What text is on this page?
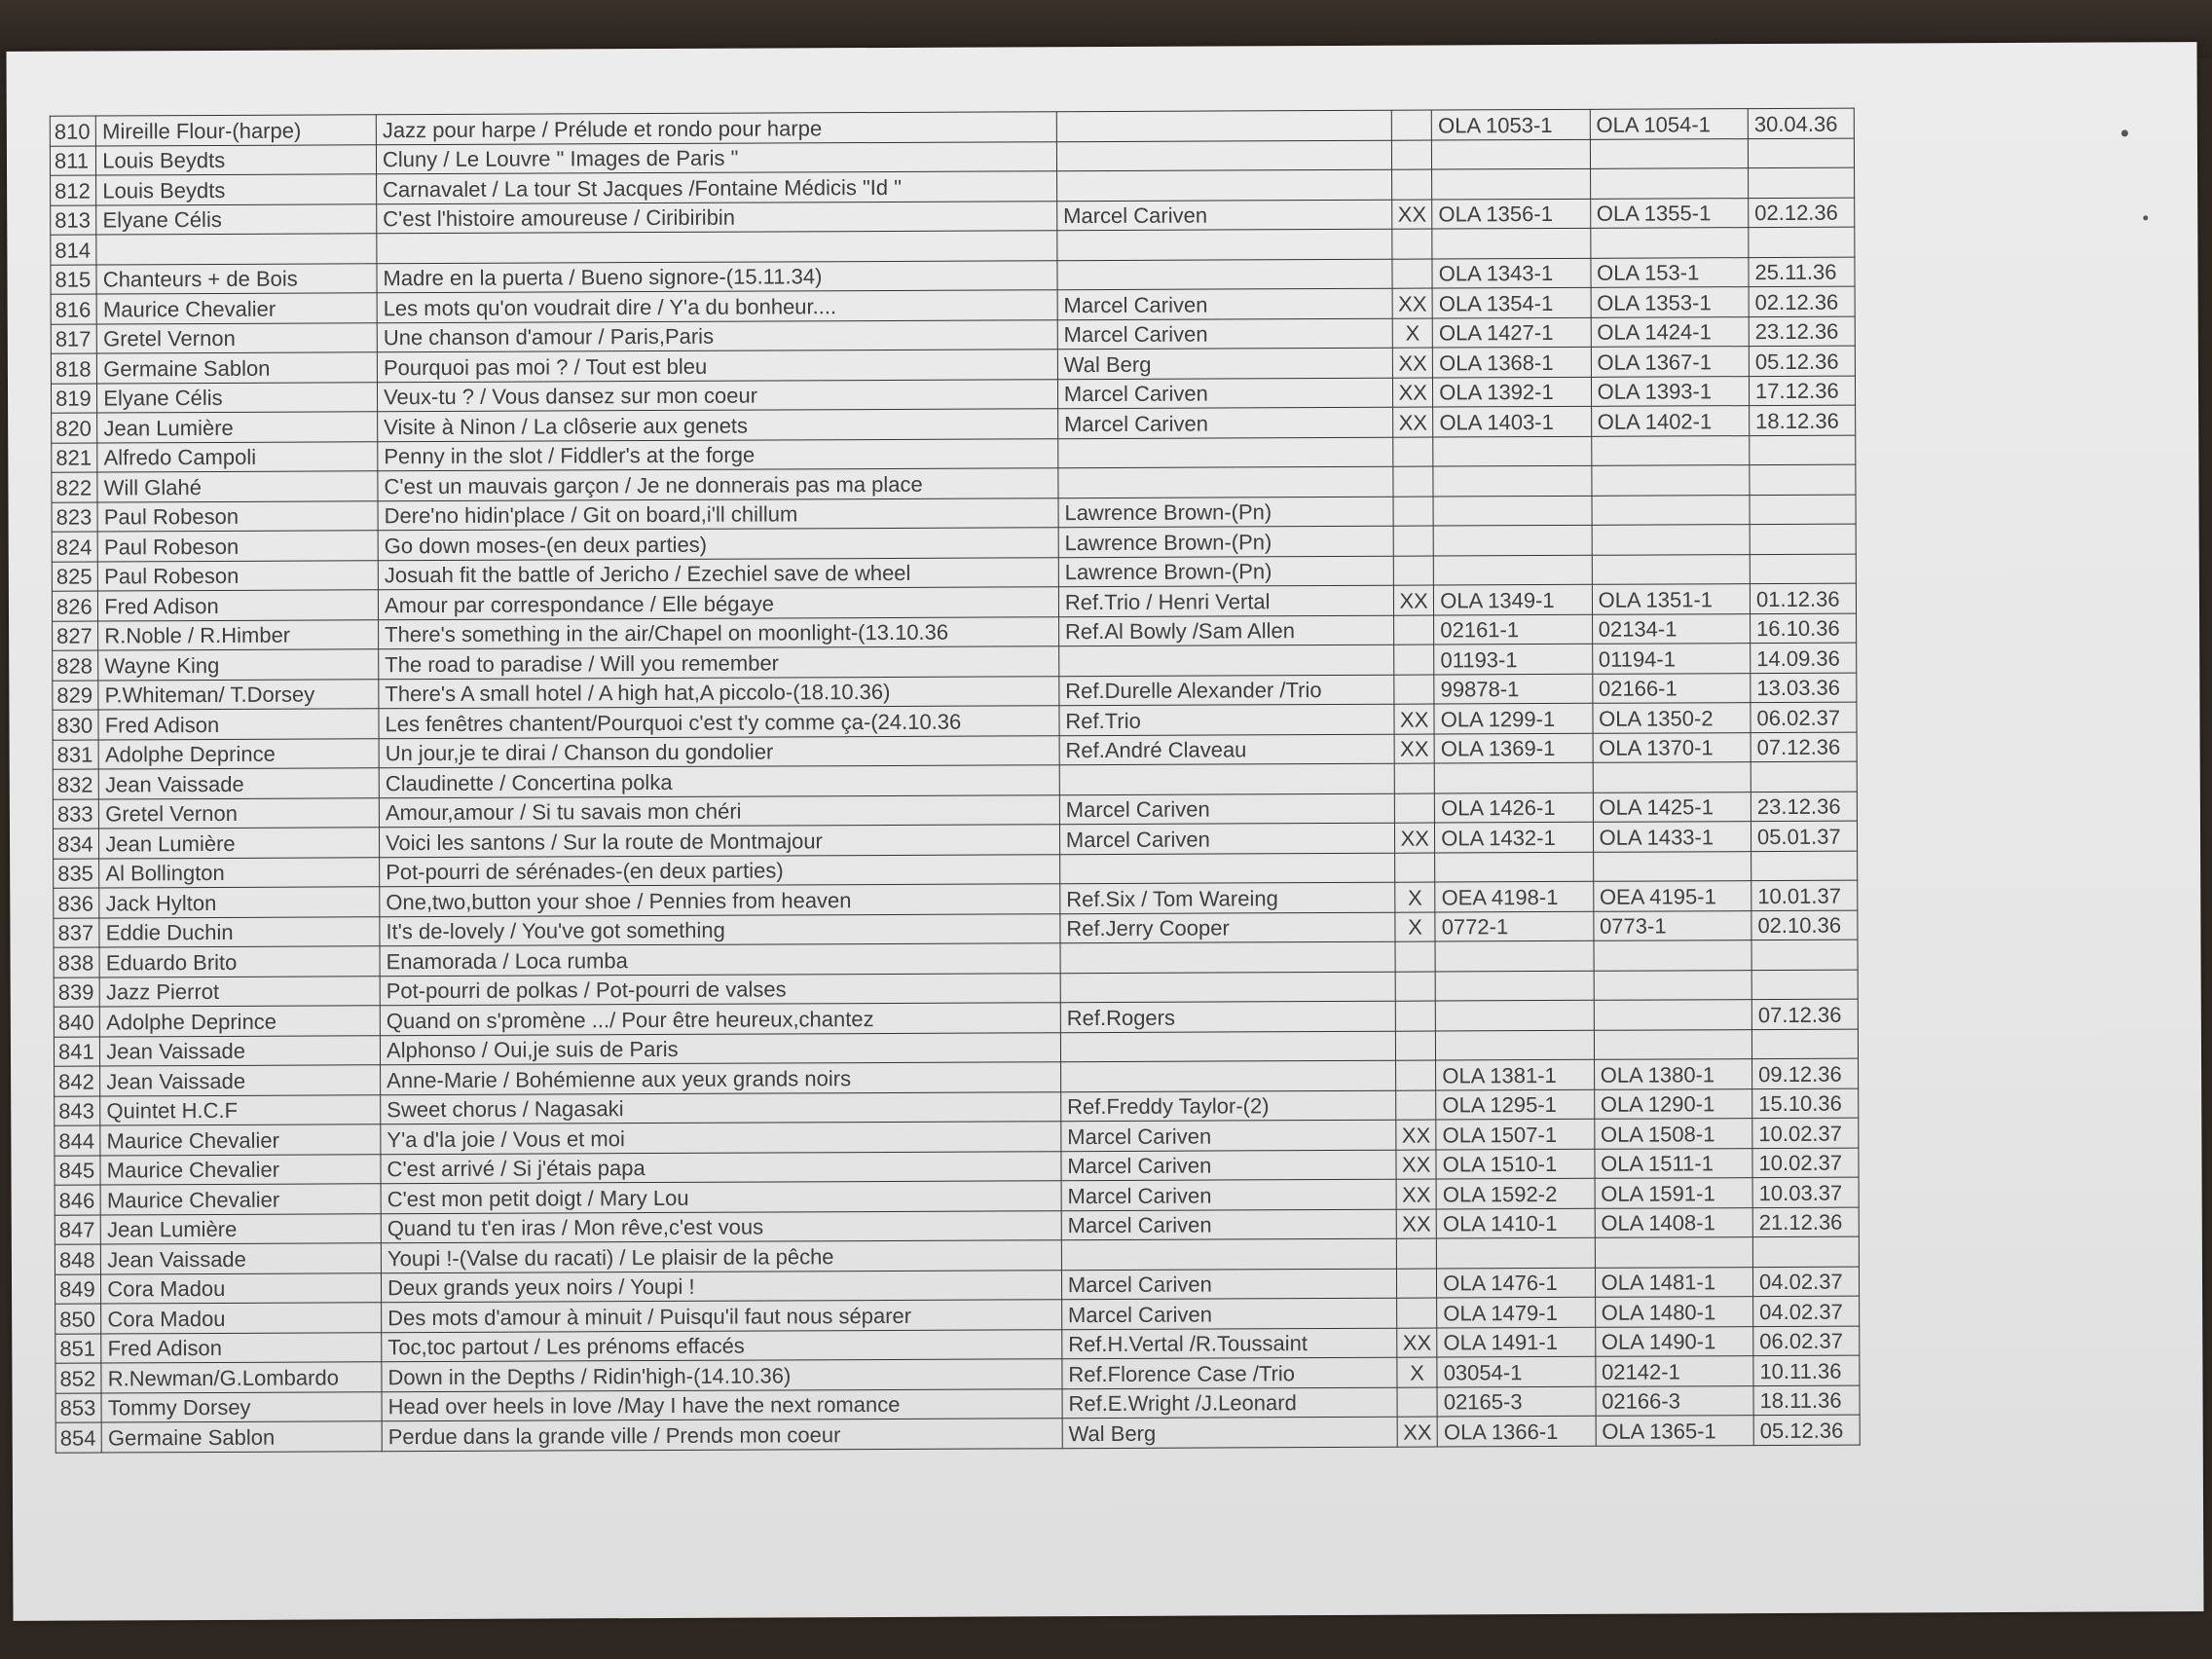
810	Mireille Flour-(harpe)	Jazz pour harpe / Prélude et rondo pour harpe			OLA 1053-1	OLA 1054-1	30.04.36
811	Louis Beydts	Cluny / Le Louvre " Images de Paris "					
812	Louis Beydts	Carnavalet / La tour St Jacques /Fontaine Médicis "Id "					
813	Elyane Célis	C'est l'histoire amoureuse / Ciribiribin	Marcel Cariven	XX	OLA 1356-1	OLA 1355-1	02.12.36
814							
815	Chanteurs + de Bois	Madre en la puerta / Bueno signore-(15.11.34)			OLA 1343-1	OLA 153-1	25.11.36
816	Maurice Chevalier	Les mots qu'on voudrait dire / Y'a du bonheur....	Marcel Cariven	XX	OLA 1354-1	OLA 1353-1	02.12.36
817	Gretel Vernon	Une chanson d'amour / Paris,Paris	Marcel Cariven	X	OLA 1427-1	OLA 1424-1	23.12.36
818	Germaine Sablon	Pourquoi pas moi ? / Tout est bleu	Wal Berg	XX	OLA 1368-1	OLA 1367-1	05.12.36
819	Elyane Célis	Veux-tu ? / Vous dansez sur mon coeur	Marcel Cariven	XX	OLA 1392-1	OLA 1393-1	17.12.36
820	Jean Lumière	Visite à Ninon / La clôserie aux genets	Marcel Cariven	XX	OLA 1403-1	OLA 1402-1	18.12.36
821	Alfredo Campoli	Penny in the slot / Fiddler's at the forge					
822	Will Glahé	C'est un mauvais garçon / Je ne donnerais pas ma place					
823	Paul Robeson	Dere'no hidin'place / Git on board,i'll chillum	Lawrence Brown-(Pn)				
824	Paul Robeson	Go down moses-(en deux parties)	Lawrence Brown-(Pn)				
825	Paul Robeson	Josuah fit the battle of Jericho / Ezechiel save de wheel	Lawrence Brown-(Pn)				
826	Fred Adison	Amour par correspondance / Elle bégaye	Ref.Trio / Henri Vertal	XX	OLA 1349-1	OLA 1351-1	01.12.36
827	R.Noble / R.Himber	There's something in the air/Chapel on moonlight-(13.10.36	Ref.Al Bowly /Sam Allen		02161-1	02134-1	16.10.36
828	Wayne King	The road to paradise / Will you remember			01193-1	01194-1	14.09.36
829	P.Whiteman/ T.Dorsey	There's A small hotel / A high hat,A piccolo-(18.10.36)	Ref.Durelle Alexander /Trio		99878-1	02166-1	13.03.36
830	Fred Adison	Les fenêtres chantent/Pourquoi c'est t'y comme ça-(24.10.36	Ref.Trio	XX	OLA 1299-1	OLA 1350-2	06.02.37
831	Adolphe Deprince	Un jour,je te dirai / Chanson du gondolier	Ref.André Claveau	XX	OLA 1369-1	OLA 1370-1	07.12.36
832	Jean Vaissade	Claudinette / Concertina polka					
833	Gretel Vernon	Amour,amour / Si tu savais mon chéri	Marcel Cariven		OLA 1426-1	OLA 1425-1	23.12.36
834	Jean Lumière	Voici les santons / Sur la route de Montmajour	Marcel Cariven	XX	OLA 1432-1	OLA 1433-1	05.01.37
835	Al Bollington	Pot-pourri de sérénades-(en deux parties)					
836	Jack Hylton	One,two,button your shoe / Pennies from heaven	Ref.Six / Tom Wareing	X	OEA 4198-1	OEA 4195-1	10.01.37
837	Eddie Duchin	It's de-lovely / You've got something	Ref.Jerry Cooper	X	0772-1	0773-1	02.10.36
838	Eduardo Brito	Enamorada / Loca rumba					
839	Jazz Pierrot	Pot-pourri de polkas / Pot-pourri de valses					
840	Adolphe Deprince	Quand on s'promène .../ Pour être heureux,chantez	Ref.Rogers				07.12.36
841	Jean Vaissade	Alphonso / Oui,je suis de Paris					
842	Jean Vaissade	Anne-Marie / Bohémienne aux yeux grands noirs			OLA 1381-1	OLA 1380-1	09.12.36
843	Quintet H.C.F	Sweet chorus / Nagasaki	Ref.Freddy Taylor-(2)		OLA 1295-1	OLA 1290-1	15.10.36
844	Maurice Chevalier	Y'a d'la joie / Vous et moi	Marcel Cariven	XX	OLA 1507-1	OLA 1508-1	10.02.37
845	Maurice Chevalier	C'est arrivé / Si j'étais papa	Marcel Cariven	XX	OLA 1510-1	OLA 1511-1	10.02.37
846	Maurice Chevalier	C'est mon petit doigt / Mary Lou	Marcel Cariven	XX	OLA 1592-2	OLA 1591-1	10.03.37
847	Jean Lumière	Quand tu t'en iras / Mon rêve,c'est vous	Marcel Cariven	XX	OLA 1410-1	OLA 1408-1	21.12.36
848	Jean Vaissade	Youpi !-(Valse du racati) / Le plaisir de la pêche					
849	Cora Madou	Deux grands yeux noirs / Youpi !	Marcel Cariven		OLA 1476-1	OLA 1481-1	04.02.37
850	Cora Madou	Des mots d'amour à minuit / Puisqu'il faut nous séparer	Marcel Cariven		OLA 1479-1	OLA 1480-1	04.02.37
851	Fred Adison	Toc,toc partout / Les prénoms effacés	Ref.H.Vertal /R.Toussaint	XX	OLA 1491-1	OLA 1490-1	06.02.37
852	R.Newman/G.Lombardo	Down in the Depths / Ridin'high-(14.10.36)	Ref.Florence Case /Trio	X	03054-1	02142-1	10.11.36
853	Tommy Dorsey	Head over heels in love /May I have the next romance	Ref.E.Wright /J.Leonard		02165-3	02166-3	18.11.36
854	Germaine Sablon	Perdue dans la grande ville / Prends mon coeur	Wal Berg	XX	OLA 1366-1	OLA 1365-1	05.12.36
